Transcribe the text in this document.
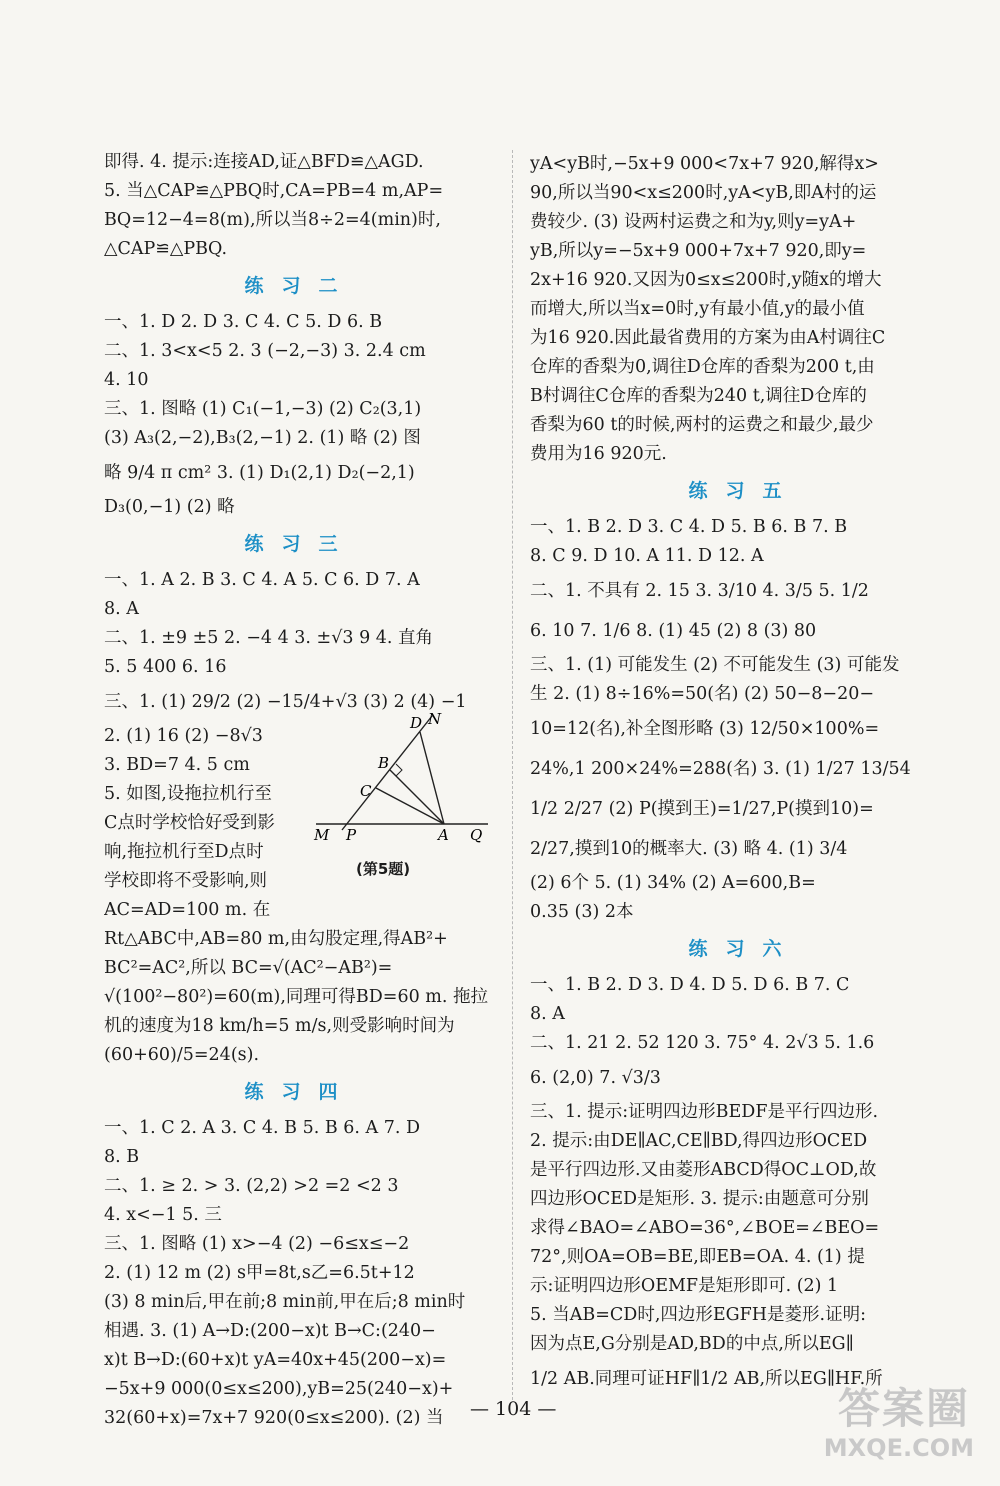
即得. 4. 提示:连接AD,证△BFD≌△AGD.
5. 当△CAP≌△PBQ时,CA=PB=4 m,AP=
BQ=12−4=8(m),所以当8÷2=4(min)时,
△CAP≌△PBQ.
练习二
一、1. D 2. D 3. C 4. C 5. D 6. B
二、1. 3<x<5 2. 3 (−2,−3) 3. 2.4 cm
4. 10
三、1. 图略 (1) C₁(−1,−3) (2) C₂(3,1)
(3) A₃(2,−2),B₃(2,−1) 2. (1) 略 (2) 图
略 9/4 π cm² 3. (1) D₁(2,1) D₂(−2,1)
D₃(0,−1) (2) 略
练习三
一、1. A 2. B 3. C 4. A 5. C 6. D 7. A
8. A
二、1. ±9 ±5 2. −4 4 3. ±√3 9 4. 直角
5. 5 400 6. 16
三、1. (1) 29/2 (2) −15/4+√3 (3) 2 (4) −1
2. (1) 16 (2) −8√3
3. BD=7 4. 5 cm
5. 如图,设拖拉机行至
C点时学校恰好受到影
响,拖拉机行至D点时
学校即将不受影响,则
AC=AD=100 m. 在
Rt△ABC中,AB=80 m,由勾股定理,得AB²+
BC²=AC²,所以 BC=√(AC²−AB²)=
√(100²−80²)=60(m),同理可得BD=60 m. 拖拉
机的速度为18 km/h=5 m/s,则受影响时间为
(60+60)/5=24(s).
练习四
一、1. C 2. A 3. C 4. B 5. B 6. A 7. D
8. B
二、1. ≥ 2. > 3. (2,2) >2 =2 <2 3
4. x<−1 5. 三
三、1. 图略 (1) x>−4 (2) −6≤x≤−2
2. (1) 12 m (2) s甲=8t,s乙=6.5t+12
(3) 8 min后,甲在前;8 min前,甲在后;8 min时
相遇. 3. (1) A→D:(200−x)t B→C:(240−
x)t B→D:(60+x)t yA=40x+45(200−x)=
−5x+9 000(0≤x≤200),yB=25(240−x)+
32(60+x)=7x+7 920(0≤x≤200). (2) 当
yA<yB时,−5x+9 000<7x+7 920,解得x>
90,所以当90<x≤200时,yA<yB,即A村的运
费较少. (3) 设两村运费之和为y,则y=yA+
yB,所以y=−5x+9 000+7x+7 920,即y=
2x+16 920.又因为0≤x≤200时,y随x的增大
而增大,所以当x=0时,y有最小值,y的最小值
为16 920.因此最省费用的方案为由A村调往C
仓库的香梨为0,调往D仓库的香梨为200 t,由
B村调往C仓库的香梨为240 t,调往D仓库的
香梨为60 t的时候,两村的运费之和最少,最少
费用为16 920元.
练习五
一、1. B 2. D 3. C 4. D 5. B 6. B 7. B
8. C 9. D 10. A 11. D 12. A
二、1. 不具有 2. 15 3. 3/10 4. 3/5 5. 1/2
6. 10 7. 1/6 8. (1) 45 (2) 8 (3) 80
三、1. (1) 可能发生 (2) 不可能发生 (3) 可能发
生 2. (1) 8÷16%=50(名) (2) 50−8−20−
10=12(名),补全图形略 (3) 12/50×100%=
24%,1 200×24%=288(名) 3. (1) 1/27 13/54
1/2 2/27 (2) P(摸到王)=1/27,P(摸到10)=
2/27,摸到10的概率大. (3) 略 4. (1) 3/4
(2) 6个 5. (1) 34% (2) A=600,B=
0.35 (3) 2本
练习六
一、1. B 2. D 3. D 4. D 5. D 6. B 7. C
8. A
二、1. 21 2. 52 120 3. 75° 4. 2√3 5. 1.6
6. (2,0) 7. √3/3
三、1. 提示:证明四边形BEDF是平行四边形.
2. 提示:由DE∥AC,CE∥BD,得四边形OCED
是平行四边形.又由菱形ABCD得OC⊥OD,故
四边形OCED是矩形. 3. 提示:由题意可分别
求得∠BAO=∠ABO=36°,∠BOE=∠BEO=
72°,则OA=OB=BE,即EB=OA. 4. (1) 提
示:证明四边形OEMF是矩形即可. (2) 1
5. 当AB=CD时,四边形EGFH是菱形.证明:
因为点E,G分别是AD,BD的中点,所以EG∥
1/2 AB.同理可证HF∥1/2 AB,所以EG∥HF.所
D N
B
C
M P	A Q
(第5题)
— 104 —	答案圈
MXQE.COM
